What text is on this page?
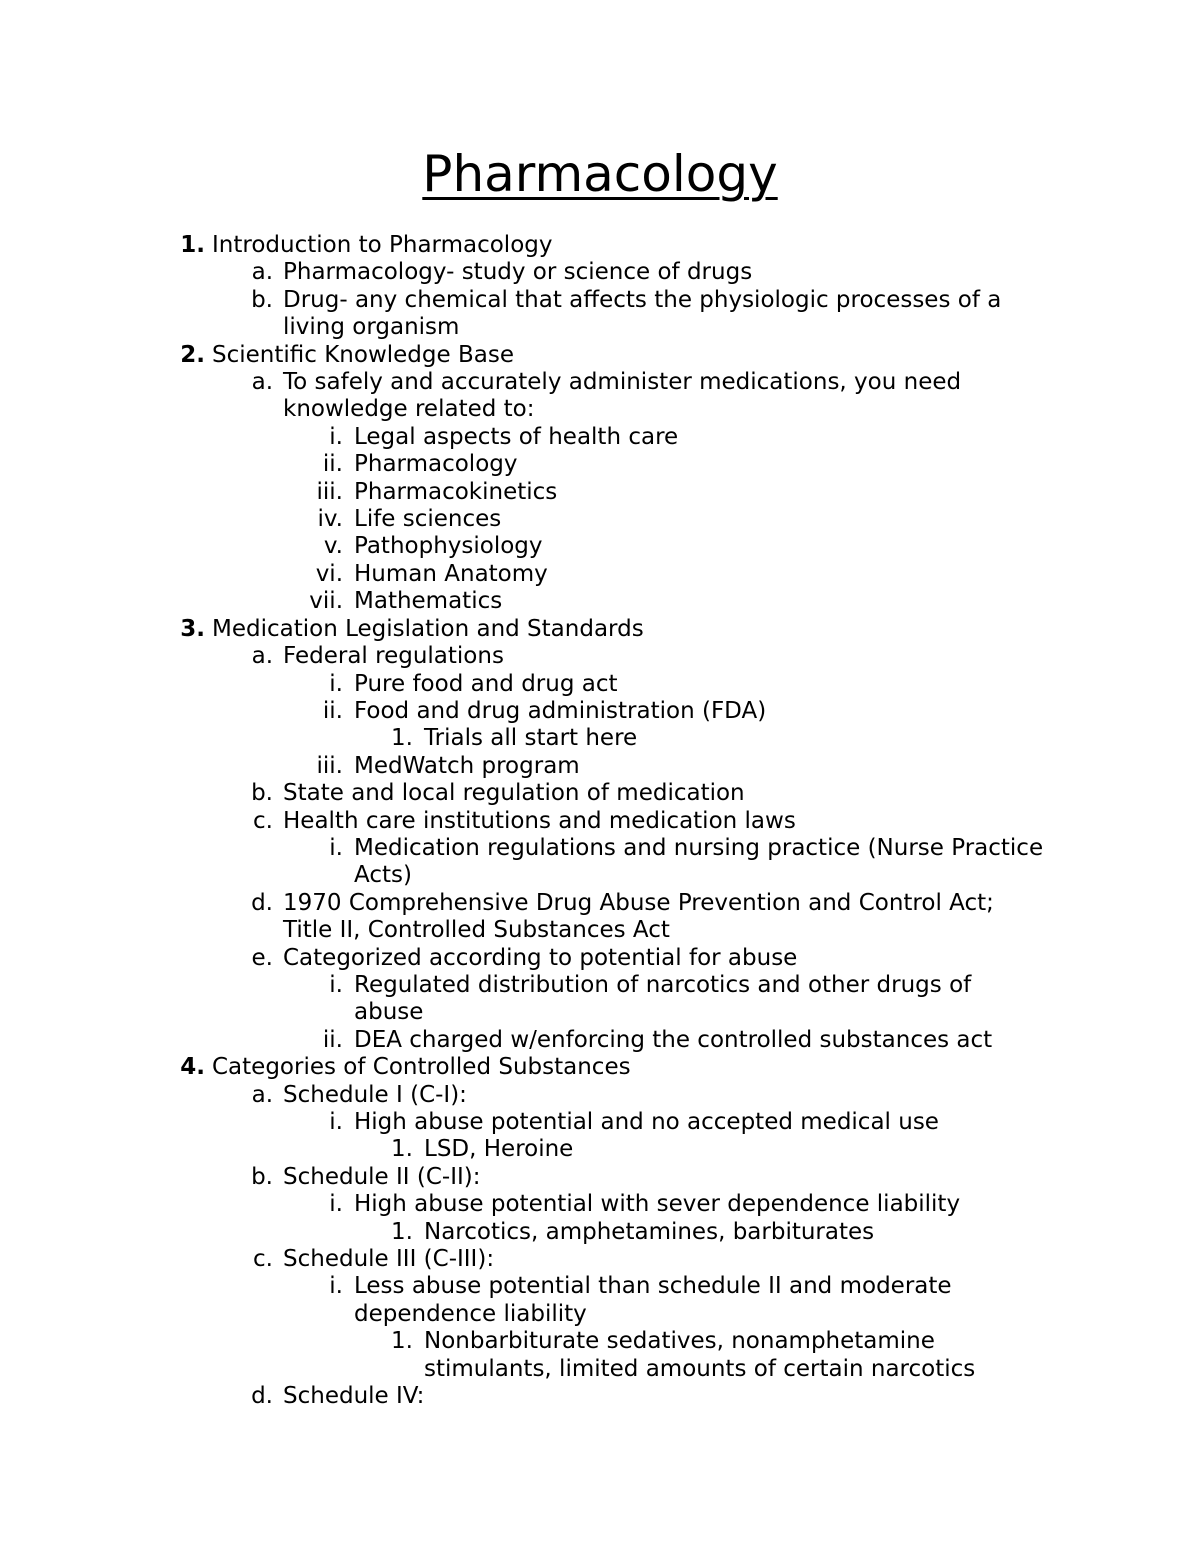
Pharmacology
1. Introduction to Pharmacology
a. Pharmacology- study or science of drugs
b. Drug- any chemical that affects the physiologic processes of a
living organism
2. Scientific Knowledge Base
a. To safely and accurately administer medications, you need
knowledge related to:
i. Legal aspects of health care
ii. Pharmacology
iii. Pharmacokinetics
iv. Life sciences
v. Pathophysiology
vi. Human Anatomy
vii. Mathematics
3. Medication Legislation and Standards
a. Federal regulations
i. Pure food and drug act
ii. Food and drug administration (FDA)
1. Trials all start here
iii. MedWatch program
b. State and local regulation of medication
c. Health care institutions and medication laws
i. Medication regulations and nursing practice (Nurse Practice
Acts)
d. 1970 Comprehensive Drug Abuse Prevention and Control Act;
Title II, Controlled Substances Act
e. Categorized according to potential for abuse
i. Regulated distribution of narcotics and other drugs of
abuse
ii. DEA charged w/enforcing the controlled substances act
4. Categories of Controlled Substances
a. Schedule I (C-I):
i. High abuse potential and no accepted medical use
1. LSD, Heroine
b. Schedule II (C-II):
i. High abuse potential with sever dependence liability
1. Narcotics, amphetamines, barbiturates
c. Schedule III (C-III):
i. Less abuse potential than schedule II and moderate
dependence liability
1. Nonbarbiturate sedatives, nonamphetamine
stimulants, limited amounts of certain narcotics
d. Schedule IV:
